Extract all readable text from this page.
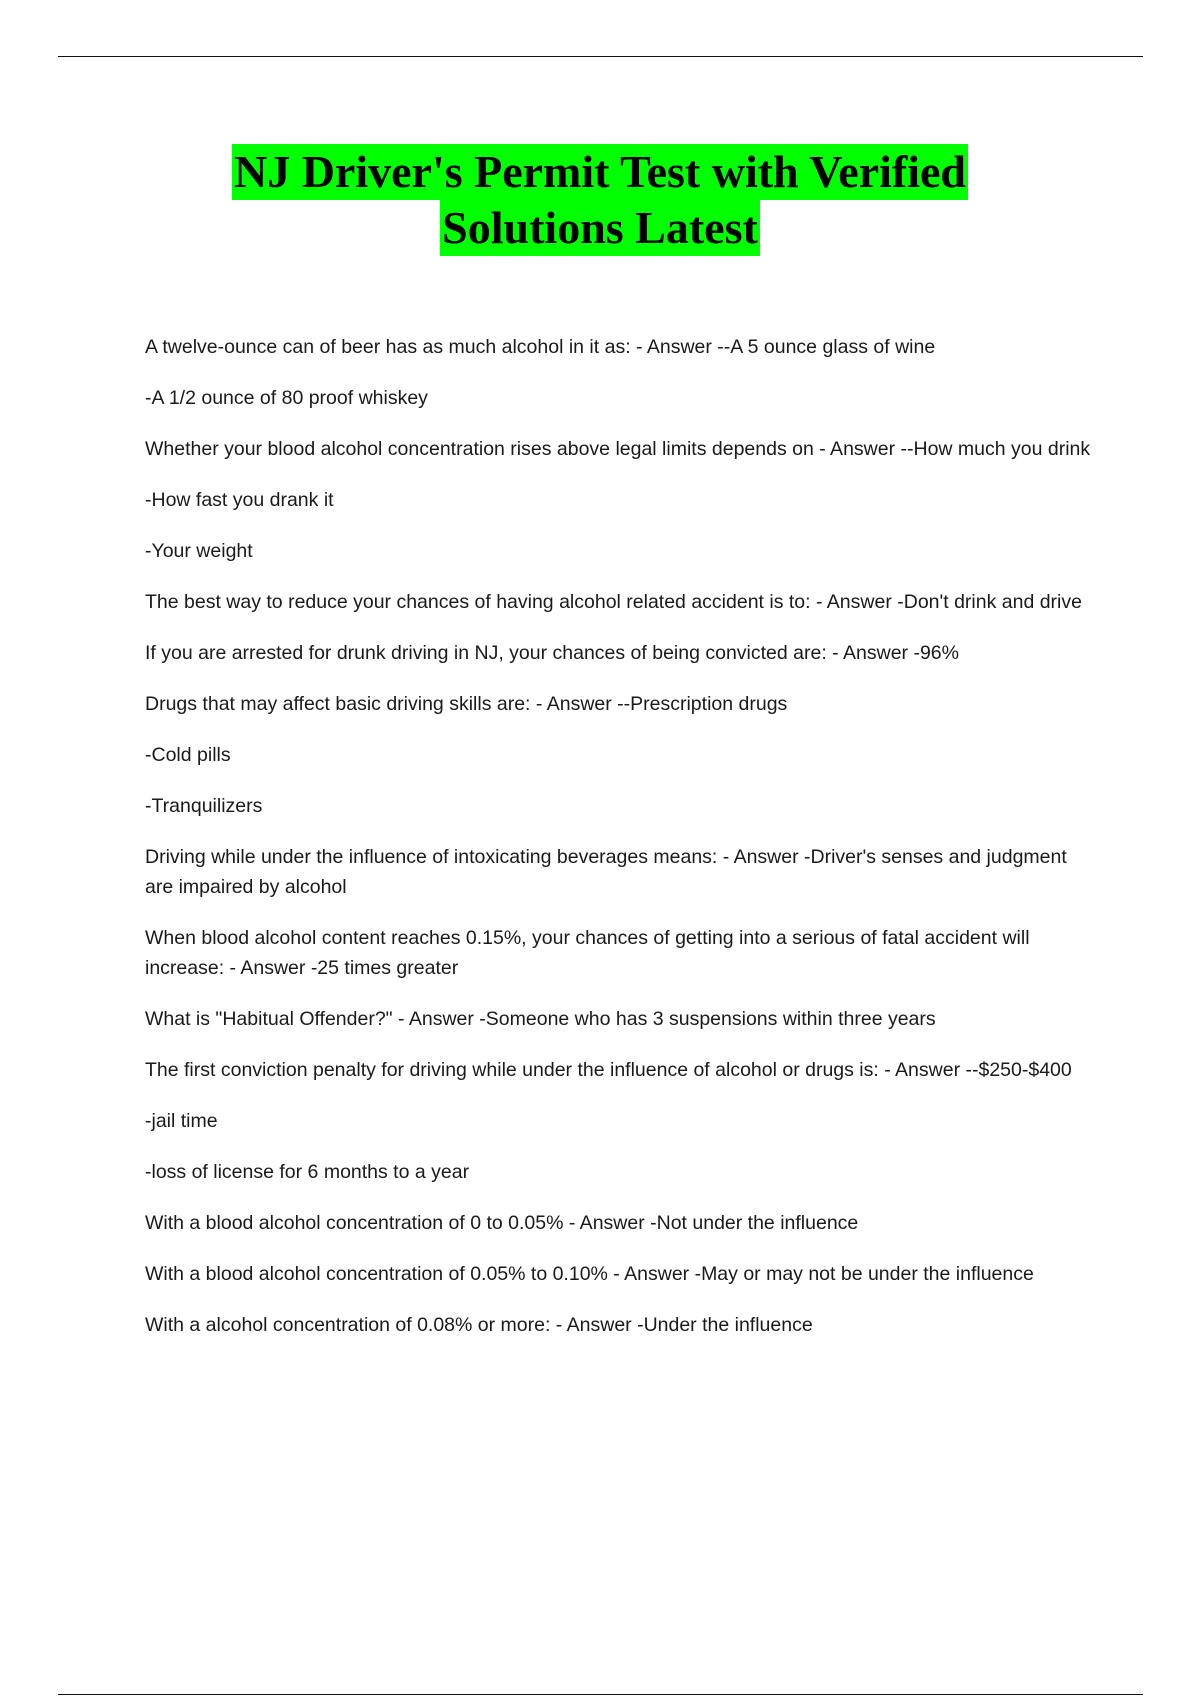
NJ Driver's Permit Test with Verified
Solutions Latest

A twelve-ounce can of beer has as much alcohol in it as: - Answer --A 5 ounce glass of wine

-A 1/2 ounce of 80 proof whiskey

Whether your blood alcohol concentration rises above legal limits depends on - Answer --How much you drink

-How fast you drank it

-Your weight

The best way to reduce your chances of having alcohol related accident is to: - Answer -Don't drink and drive

If you are arrested for drunk driving in NJ, your chances of being convicted are: - Answer -96%

Drugs that may affect basic driving skills are: - Answer --Prescription drugs

-Cold pills

-Tranquilizers

Driving while under the influence of intoxicating beverages means: - Answer -Driver's senses and judgment are impaired by alcohol

When blood alcohol content reaches 0.15%, your chances of getting into a serious of fatal accident will increase: - Answer -25 times greater

What is "Habitual Offender?" - Answer -Someone who has 3 suspensions within three years

The first conviction penalty for driving while under the influence of alcohol or drugs is: - Answer --$250-$400

-jail time

-loss of license for 6 months to a year

With a blood alcohol concentration of 0 to 0.05% - Answer -Not under the influence

With a blood alcohol concentration of 0.05% to 0.10% - Answer -May or may not be under the influence

With a alcohol concentration of 0.08% or more: - Answer -Under the influence
